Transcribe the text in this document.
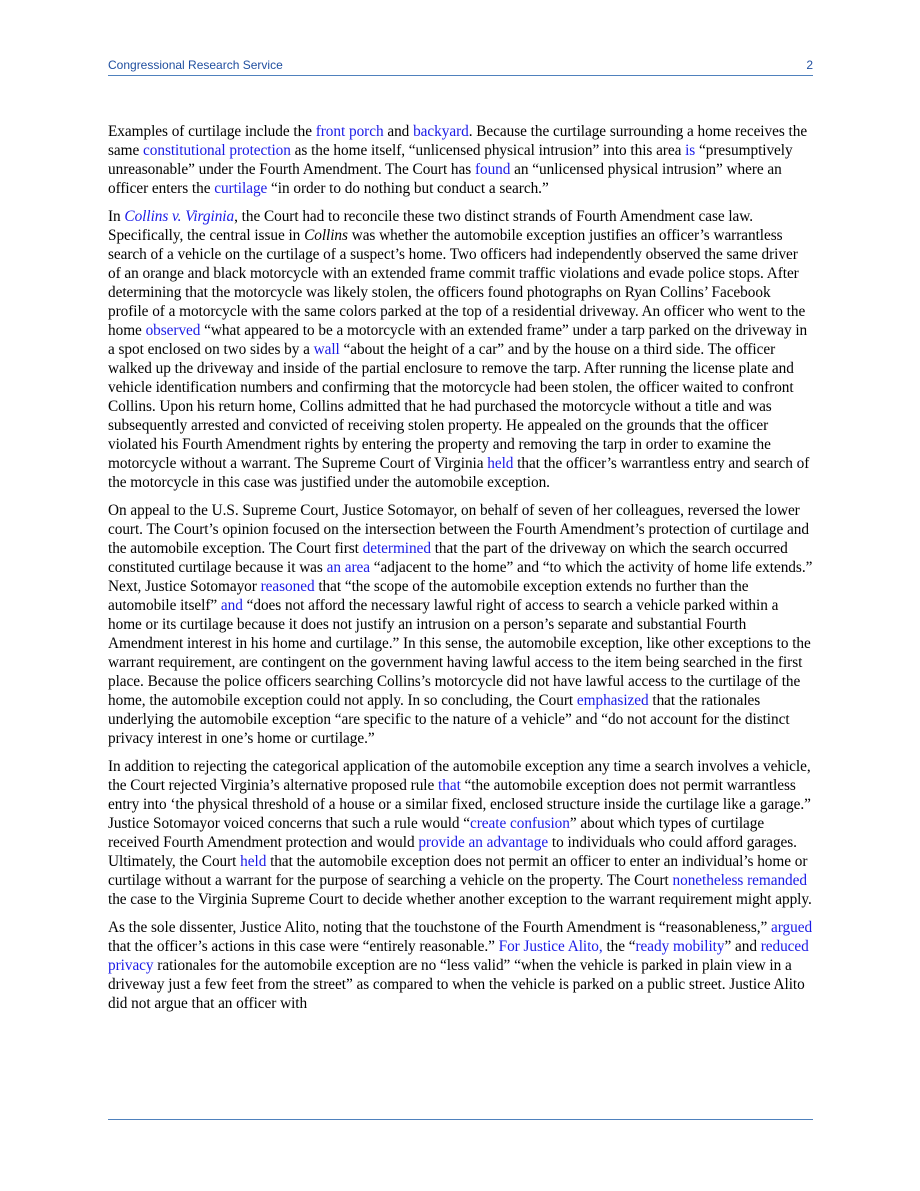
Congressional Research Service	2

Examples of curtilage include the front porch and backyard. Because the curtilage surrounding a home receives the same constitutional protection as the home itself, “unlicensed physical intrusion” into this area is “presumptively unreasonable” under the Fourth Amendment. The Court has found an “unlicensed physical intrusion” where an officer enters the curtilage “in order to do nothing but conduct a search.”

In Collins v. Virginia, the Court had to reconcile these two distinct strands of Fourth Amendment case law. Specifically, the central issue in Collins was whether the automobile exception justifies an officer’s warrantless search of a vehicle on the curtilage of a suspect’s home. Two officers had independently observed the same driver of an orange and black motorcycle with an extended frame commit traffic violations and evade police stops. After determining that the motorcycle was likely stolen, the officers found photographs on Ryan Collins’ Facebook profile of a motorcycle with the same colors parked at the top of a residential driveway. An officer who went to the home observed “what appeared to be a motorcycle with an extended frame” under a tarp parked on the driveway in a spot enclosed on two sides by a wall “about the height of a car” and by the house on a third side. The officer walked up the driveway and inside of the partial enclosure to remove the tarp. After running the license plate and vehicle identification numbers and confirming that the motorcycle had been stolen, the officer waited to confront Collins. Upon his return home, Collins admitted that he had purchased the motorcycle without a title and was subsequently arrested and convicted of receiving stolen property. He appealed on the grounds that the officer violated his Fourth Amendment rights by entering the property and removing the tarp in order to examine the motorcycle without a warrant. The Supreme Court of Virginia held that the officer’s warrantless entry and search of the motorcycle in this case was justified under the automobile exception.

On appeal to the U.S. Supreme Court, Justice Sotomayor, on behalf of seven of her colleagues, reversed the lower court. The Court’s opinion focused on the intersection between the Fourth Amendment’s protection of curtilage and the automobile exception. The Court first determined that the part of the driveway on which the search occurred constituted curtilage because it was an area “adjacent to the home” and “to which the activity of home life extends.” Next, Justice Sotomayor reasoned that “the scope of the automobile exception extends no further than the automobile itself” and “does not afford the necessary lawful right of access to search a vehicle parked within a home or its curtilage because it does not justify an intrusion on a person’s separate and substantial Fourth Amendment interest in his home and curtilage.” In this sense, the automobile exception, like other exceptions to the warrant requirement, are contingent on the government having lawful access to the item being searched in the first place. Because the police officers searching Collins’s motorcycle did not have lawful access to the curtilage of the home, the automobile exception could not apply. In so concluding, the Court emphasized that the rationales underlying the automobile exception “are specific to the nature of a vehicle” and “do not account for the distinct privacy interest in one’s home or curtilage.”

In addition to rejecting the categorical application of the automobile exception any time a search involves a vehicle, the Court rejected Virginia’s alternative proposed rule that “the automobile exception does not permit warrantless entry into ‘the physical threshold of a house or a similar fixed, enclosed structure inside the curtilage like a garage.” Justice Sotomayor voiced concerns that such a rule would “create confusion” about which types of curtilage received Fourth Amendment protection and would provide an advantage to individuals who could afford garages. Ultimately, the Court held that the automobile exception does not permit an officer to enter an individual’s home or curtilage without a warrant for the purpose of searching a vehicle on the property. The Court nonetheless remanded the case to the Virginia Supreme Court to decide whether another exception to the warrant requirement might apply.

As the sole dissenter, Justice Alito, noting that the touchstone of the Fourth Amendment is “reasonableness,” argued that the officer’s actions in this case were “entirely reasonable.” For Justice Alito, the “ready mobility” and reduced privacy rationales for the automobile exception are no “less valid” “when the vehicle is parked in plain view in a driveway just a few feet from the street” as compared to when the vehicle is parked on a public street. Justice Alito did not argue that an officer with
